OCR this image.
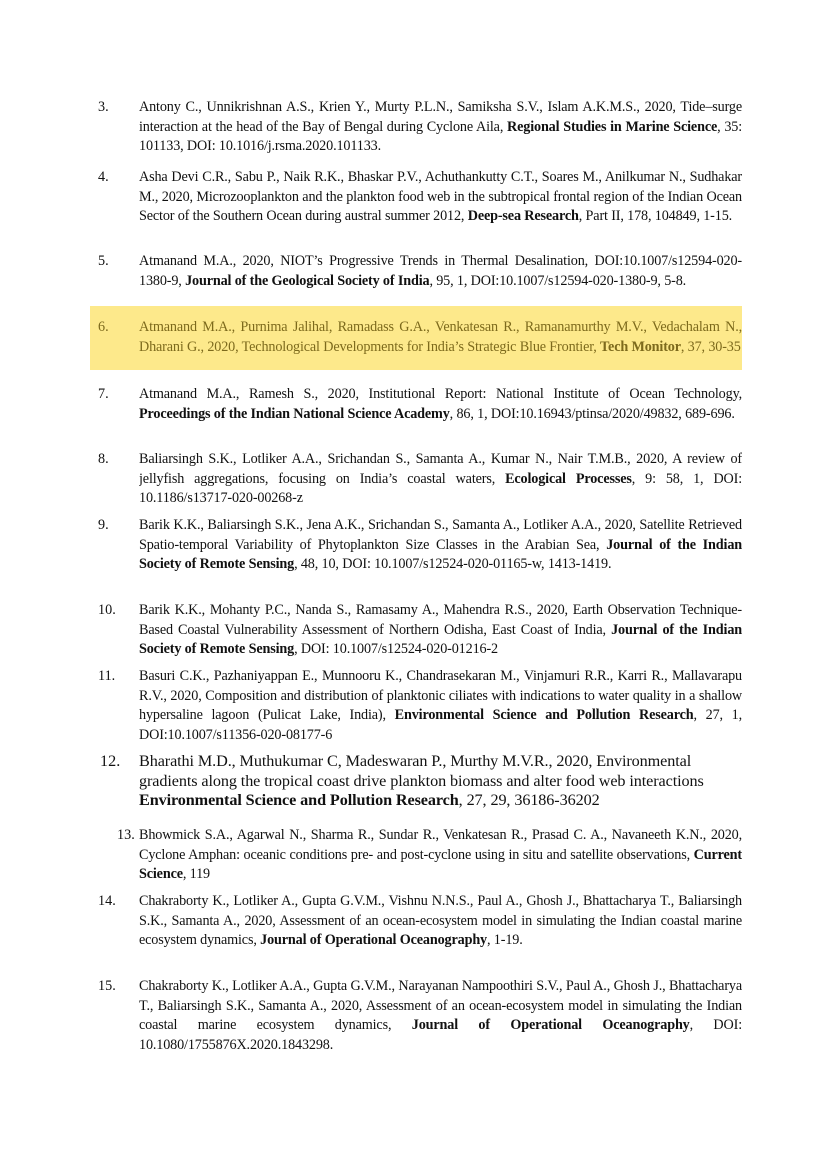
3. Antony C., Unnikrishnan A.S., Krien Y., Murty P.L.N., Samiksha S.V., Islam A.K.M.S., 2020, Tide–surge interaction at the head of the Bay of Bengal during Cyclone Aila, Regional Studies in Marine Science, 35: 101133, DOI: 10.1016/j.rsma.2020.101133.
4. Asha Devi C.R., Sabu P., Naik R.K., Bhaskar P.V., Achuthankutty C.T., Soares M., Anilkumar N., Sudhakar M., 2020, Microzooplankton and the plankton food web in the subtropical frontal region of the Indian Ocean Sector of the Southern Ocean during austral summer 2012, Deep-sea Research, Part II, 178, 104849, 1-15.
5. Atmanand M.A., 2020, NIOT’s Progressive Trends in Thermal Desalination, DOI:10.1007/s12594-020-1380-9, Journal of the Geological Society of India, 95, 1, DOI:10.1007/s12594-020-1380-9, 5-8.
6. Atmanand M.A., Purnima Jalihal, Ramadass G.A., Venkatesan R., Ramanamurthy M.V., Vedachalam N., Dharani G., 2020, Technological Developments for India’s Strategic Blue Frontier, Tech Monitor, 37, 30-35
7. Atmanand M.A., Ramesh S., 2020, Institutional Report: National Institute of Ocean Technology, Proceedings of the Indian National Science Academy, 86, 1, DOI:10.16943/ptinsa/2020/49832, 689-696.
8. Baliarsingh S.K., Lotliker A.A., Srichandan S., Samanta A., Kumar N., Nair T.M.B., 2020, A review of jellyfish aggregations, focusing on India’s coastal waters, Ecological Processes, 9: 58, 1, DOI: 10.1186/s13717-020-00268-z
9. Barik K.K., Baliarsingh S.K., Jena A.K., Srichandan S., Samanta A., Lotliker A.A., 2020, Satellite Retrieved Spatio-temporal Variability of Phytoplankton Size Classes in the Arabian Sea, Journal of the Indian Society of Remote Sensing, 48, 10, DOI: 10.1007/s12524-020-01165-w, 1413-1419.
10. Barik K.K., Mohanty P.C., Nanda S., Ramasamy A., Mahendra R.S., 2020, Earth Observation Technique-Based Coastal Vulnerability Assessment of Northern Odisha, East Coast of India, Journal of the Indian Society of Remote Sensing, DOI: 10.1007/s12524-020-01216-2
11. Basuri C.K., Pazhaniyappan E., Munnooru K., Chandrasekaran M., Vinjamuri R.R., Karri R., Mallavarapu R.V., 2020, Composition and distribution of planktonic ciliates with indications to water quality in a shallow hypersaline lagoon (Pulicat Lake, India), Environmental Science and Pollution Research, 27, 1, DOI:10.1007/s11356-020-08177-6
12. Bharathi M.D., Muthukumar C, Madeswaran P., Murthy M.V.R., 2020, Environmental
gradients along the tropical coast drive plankton biomass and alter food web interactions
Environmental Science and Pollution Research, 27, 29, 36186-36202
13. Bhowmick S.A., Agarwal N., Sharma R., Sundar R., Venkatesan R., Prasad C. A., Navaneeth K.N., 2020, Cyclone Amphan: oceanic conditions pre- and post-cyclone using in situ and satellite observations, Current Science, 119
14. Chakraborty K., Lotliker A., Gupta G.V.M., Vishnu N.N.S., Paul A., Ghosh J., Bhattacharya T., Baliarsingh S.K., Samanta A., 2020, Assessment of an ocean-ecosystem model in simulating the Indian coastal marine ecosystem dynamics, Journal of Operational Oceanography, 1-19.
15. Chakraborty K., Lotliker A.A., Gupta G.V.M., Narayanan Nampoothiri S.V., Paul A., Ghosh J., Bhattacharya T., Baliarsingh S.K., Samanta A., 2020, Assessment of an ocean-ecosystem model in simulating the Indian coastal marine ecosystem dynamics, Journal of Operational Oceanography, DOI: 10.1080/1755876X.2020.1843298.
